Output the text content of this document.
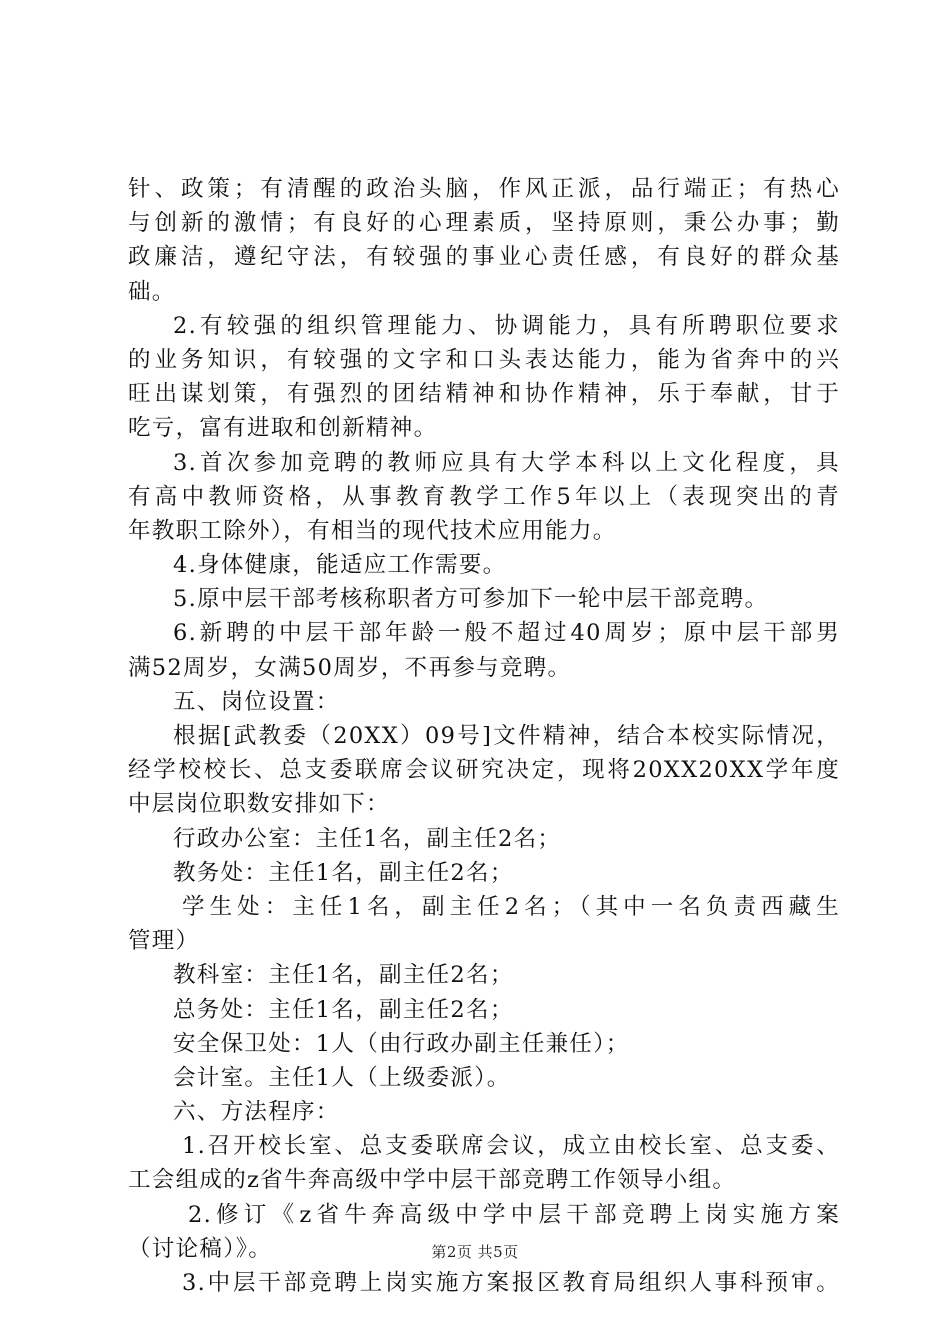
针、政策；有清醒的政治头脑，作风正派，品行端正；有热心
与创新的激情；有良好的心理素质，坚持原则，秉公办事；勤
政廉洁，遵纪守法，有较强的事业心责任感，有良好的群众基
础。
2.有较强的组织管理能力、协调能力，具有所聘职位要求
的业务知识，有较强的文字和口头表达能力，能为省奔中的兴
旺出谋划策，有强烈的团结精神和协作精神，乐于奉献，甘于
吃亏，富有进取和创新精神。
3.首次参加竞聘的教师应具有大学本科以上文化程度，具
有高中教师资格，从事教育教学工作5年以上（表现突出的青
年教职工除外），有相当的现代技术应用能力。
4.身体健康，能适应工作需要。
5.原中层干部考核称职者方可参加下一轮中层干部竞聘。
6.新聘的中层干部年龄一般不超过40周岁；原中层干部男
满52周岁，女满50周岁，不再参与竞聘。
五、岗位设置：
根据[武教委（20XX）09号]文件精神，结合本校实际情况，
经学校校长、总支委联席会议研究决定，现将20XX20XX学年度
中层岗位职数安排如下：
行政办公室：主任1名，副主任2名；
教务处：主任1名，副主任2名；
学生处：主任1名，副主任2名；（其中一名负责西藏生
管理）
教科室：主任1名，副主任2名；
总务处：主任1名，副主任2名；
安全保卫处：1人（由行政办副主任兼任）；
会计室。主任1人（上级委派）。
六、方法程序：
1.召开校长室、总支委联席会议，成立由校长室、总支委、
工会组成的z省牛奔高级中学中层干部竞聘工作领导小组。
2.修订《z省牛奔高级中学中层干部竞聘上岗实施方案
（讨论稿）》。
3.中层干部竞聘上岗实施方案报区教育局组织人事科预审。
第2页 共5页
